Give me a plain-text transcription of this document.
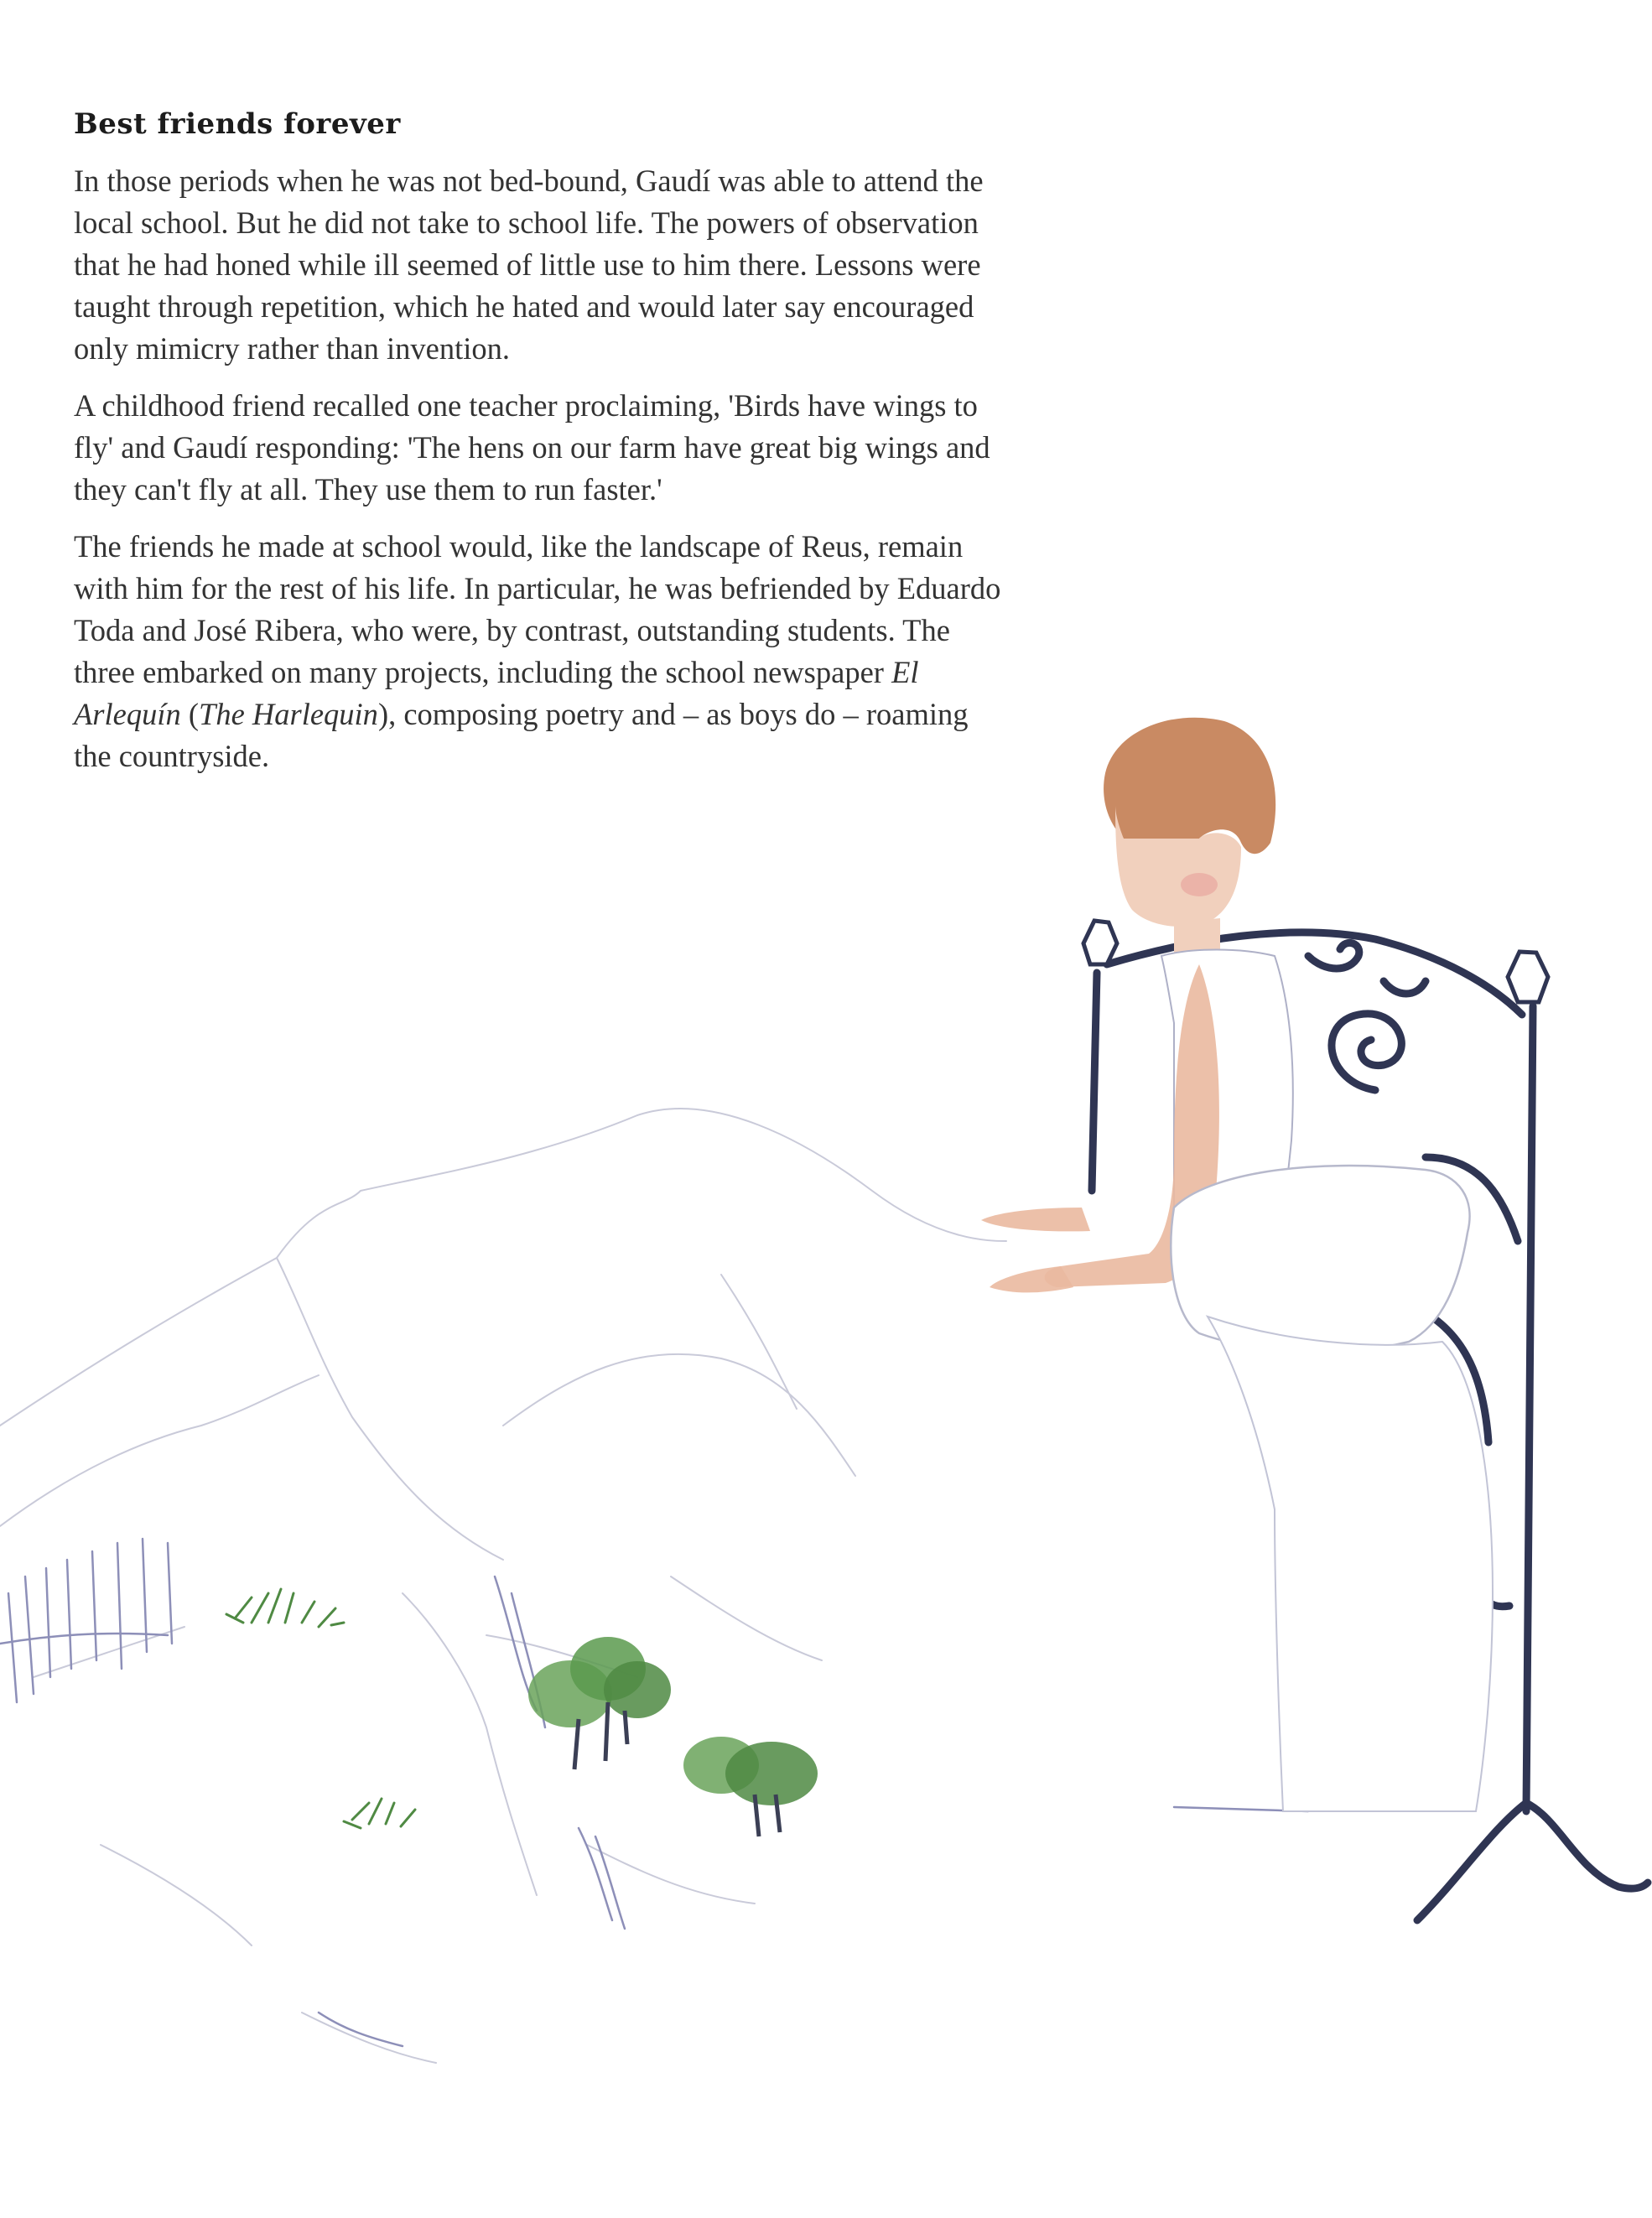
Best friends forever

In those periods when he was not bed-bound, Gaudí was able to attend the local school. But he did not take to school life. The powers of observation that he had honed while ill seemed of little use to him there. Lessons were taught through repetition, which he hated and would later say encouraged only mimicry rather than invention.

A childhood friend recalled one teacher proclaiming, 'Birds have wings to fly' and Gaudí responding: 'The hens on our farm have great big wings and they can't fly at all. They use them to run faster.'

The friends he made at school would, like the landscape of Reus, remain with him for the rest of his life. In particular, he was befriended by Eduardo Toda and José Ribera, who were, by contrast, outstanding students. The three embarked on many projects, including the school newspaper El Arlequín (The Harlequin), composing poetry and – as boys do – roaming the countryside.
